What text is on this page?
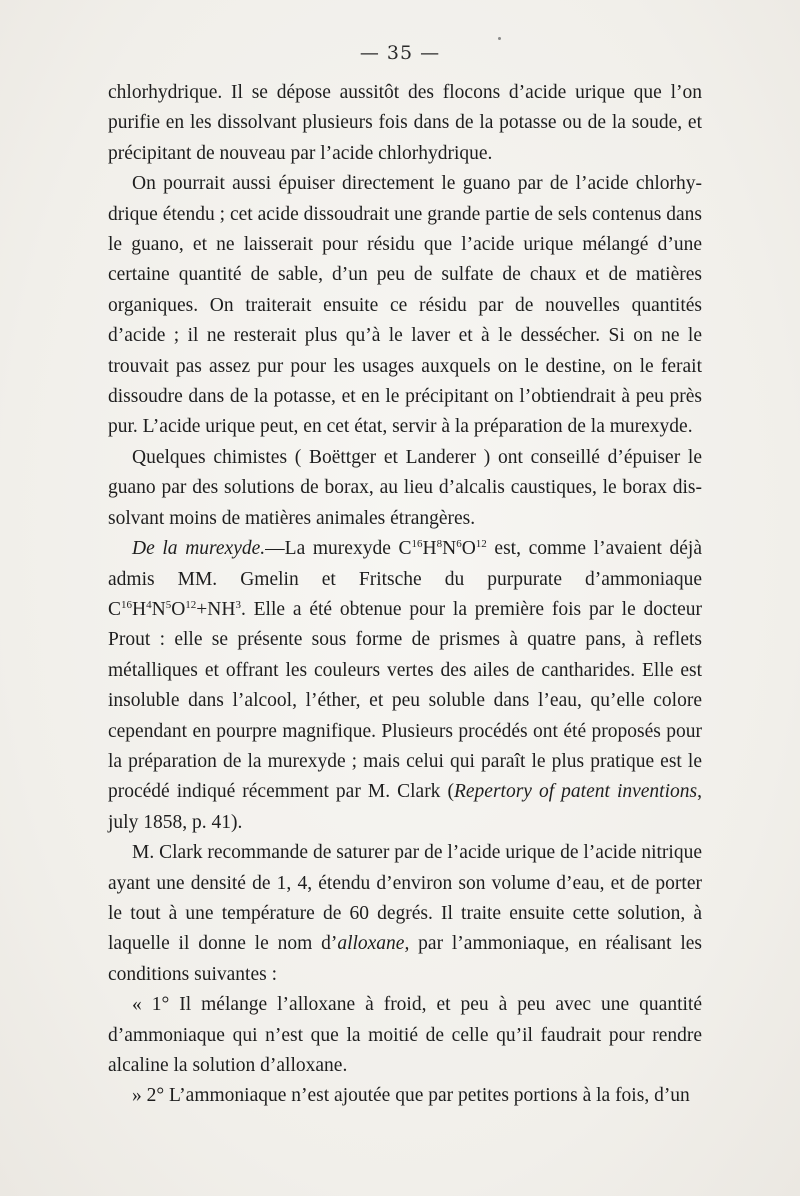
— 35 —

chlorhydrique. Il se dépose aussitôt des flocons d’acide urique que l’on purifie en les dissolvant plusieurs fois dans de la potasse ou de la soude, et précipitant de nouveau par l’acide chlorhydrique.

On pourrait aussi épuiser directement le guano par de l’acide chlorhydrique étendu ; cet acide dissoudrait une grande partie de sels contenus dans le guano, et ne laisserait pour résidu que l’acide urique mélangé d’une certaine quantité de sable, d’un peu de sulfate de chaux et de matières organiques. On traiterait ensuite ce résidu par de nouvelles quantités d’acide ; il ne resterait plus qu’à le laver et à le dessécher. Si on ne le trouvait pas assez pur pour les usages auxquels on le destine, on le ferait dissoudre dans de la potasse, et en le précipitant on l’obtiendrait à peu près pur. L’acide urique peut, en cet état, servir à la préparation de la murexyde.

Quelques chimistes ( Boëttger et Landerer ) ont conseillé d’épuiser le guano par des solutions de borax, au lieu d’alcalis caustiques, le borax dissolvant moins de matières animales étrangères.

De la murexyde.—La murexyde $C^{16}H^8N^6O^{12}$ est, comme l’avaient déjà admis MM. Gmelin et Fritsche du purpurate d’ammoniaque $C^{16}H^4N^5O^{12}+NH^3$. Elle a été obtenue pour la première fois par le docteur Prout : elle se présente sous forme de prismes à quatre pans, à reflets métalliques et offrant les couleurs vertes des ailes de cantharides. Elle est insoluble dans l’alcool, l’éther, et peu soluble dans l’eau, qu’elle colore cependant en pourpre magnifique. Plusieurs procédés ont été proposés pour la préparation de la murexyde ; mais celui qui paraît le plus pratique est le procédé indiqué récemment par M. Clark (Repertory of patent inventions, july 1858, p. 41).

M. Clark recommande de saturer par de l’acide urique de l’acide nitrique ayant une densité de 1, 4, étendu d’environ son volume d’eau, et de porter le tout à une température de 60 degrés. Il traite ensuite cette solution, à laquelle il donne le nom d’alloxane, par l’ammoniaque, en réalisant les conditions suivantes :

« 1° Il mélange l’alloxane à froid, et peu à peu avec une quantité d’ammoniaque qui n’est que la moitié de celle qu’il faudrait pour rendre alcaline la solution d’alloxane.

» 2° L’ammoniaque n’est ajoutée que par petites portions à la fois, d’un
